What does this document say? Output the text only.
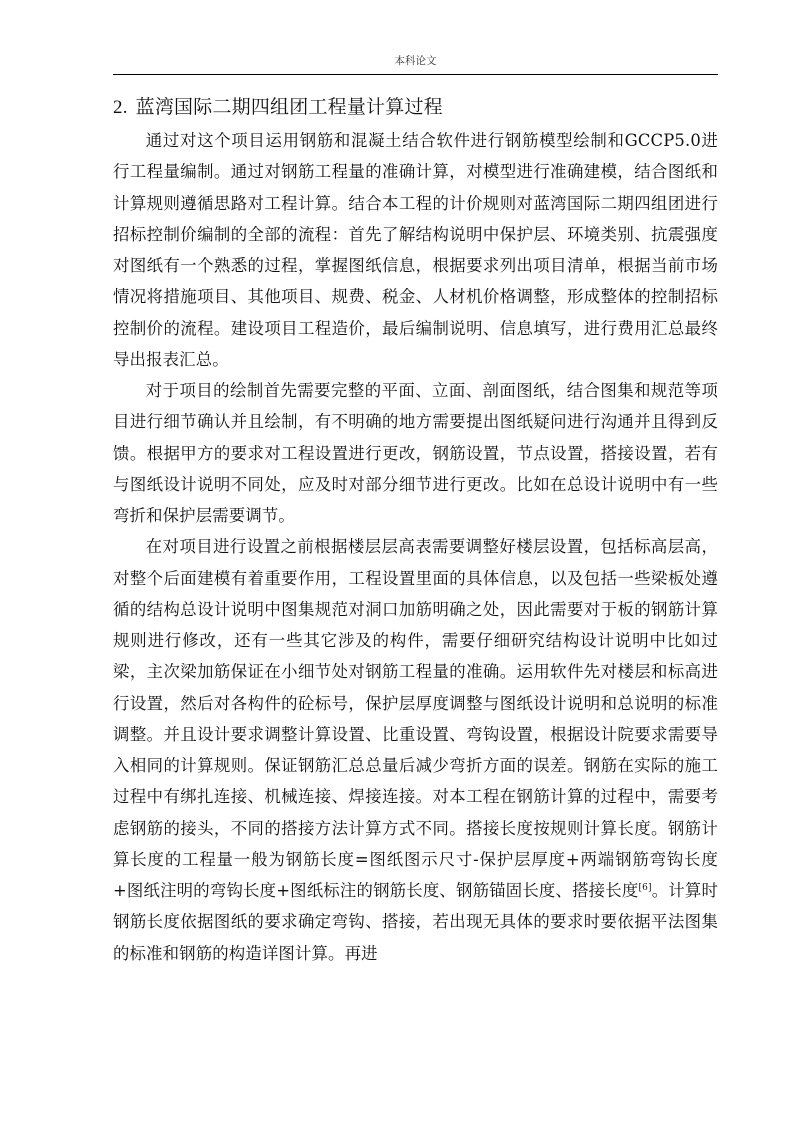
本科论文
2. 蓝湾国际二期四组团工程量计算过程

通过对这个项目运用钢筋和混凝土结合软件进行钢筋模型绘制和GCCP5.0进行工程量编制。通过对钢筋工程量的准确计算，对模型进行准确建模，结合图纸和计算规则遵循思路对工程计算。结合本工程的计价规则对蓝湾国际二期四组团进行招标控制价编制的全部的流程：首先了解结构说明中保护层、环境类别、抗震强度对图纸有一个熟悉的过程，掌握图纸信息，根据要求列出项目清单，根据当前市场情况将措施项目、其他项目、规费、税金、人材机价格调整，形成整体的控制招标控制价的流程。建设项目工程造价，最后编制说明、信息填写，进行费用汇总最终导出报表汇总。

对于项目的绘制首先需要完整的平面、立面、剖面图纸，结合图集和规范等项目进行细节确认并且绘制，有不明确的地方需要提出图纸疑问进行沟通并且得到反馈。根据甲方的要求对工程设置进行更改，钢筋设置，节点设置，搭接设置，若有与图纸设计说明不同处，应及时对部分细节进行更改。比如在总设计说明中有一些弯折和保护层需要调节。

在对项目进行设置之前根据楼层层高表需要调整好楼层设置，包括标高层高，对整个后面建模有着重要作用，工程设置里面的具体信息，以及包括一些梁板处遵循的结构总设计说明中图集规范对洞口加筋明确之处，因此需要对于板的钢筋计算规则进行修改，还有一些其它涉及的构件，需要仔细研究结构设计说明中比如过梁，主次梁加筋保证在小细节处对钢筋工程量的准确。运用软件先对楼层和标高进行设置，然后对各构件的砼标号，保护层厚度调整与图纸设计说明和总说明的标准调整。并且设计要求调整计算设置、比重设置、弯钩设置，根据设计院要求需要导入相同的计算规则。保证钢筋汇总总量后减少弯折方面的误差。钢筋在实际的施工过程中有绑扎连接、机械连接、焊接连接。对本工程在钢筋计算的过程中，需要考虑钢筋的接头，不同的搭接方法计算方式不同。搭接长度按规则计算长度。钢筋计算长度的工程量一般为钢筋长度=图纸图示尺寸-保护层厚度+两端钢筋弯钩长度+图纸注明的弯钩长度+图纸标注的钢筋长度、钢筋锚固长度、搭接长度[6]。计算时钢筋长度依据图纸的要求确定弯钩、搭接，若出现无具体的要求时要依据平法图集的标准和钢筋的构造详图计算。再进
